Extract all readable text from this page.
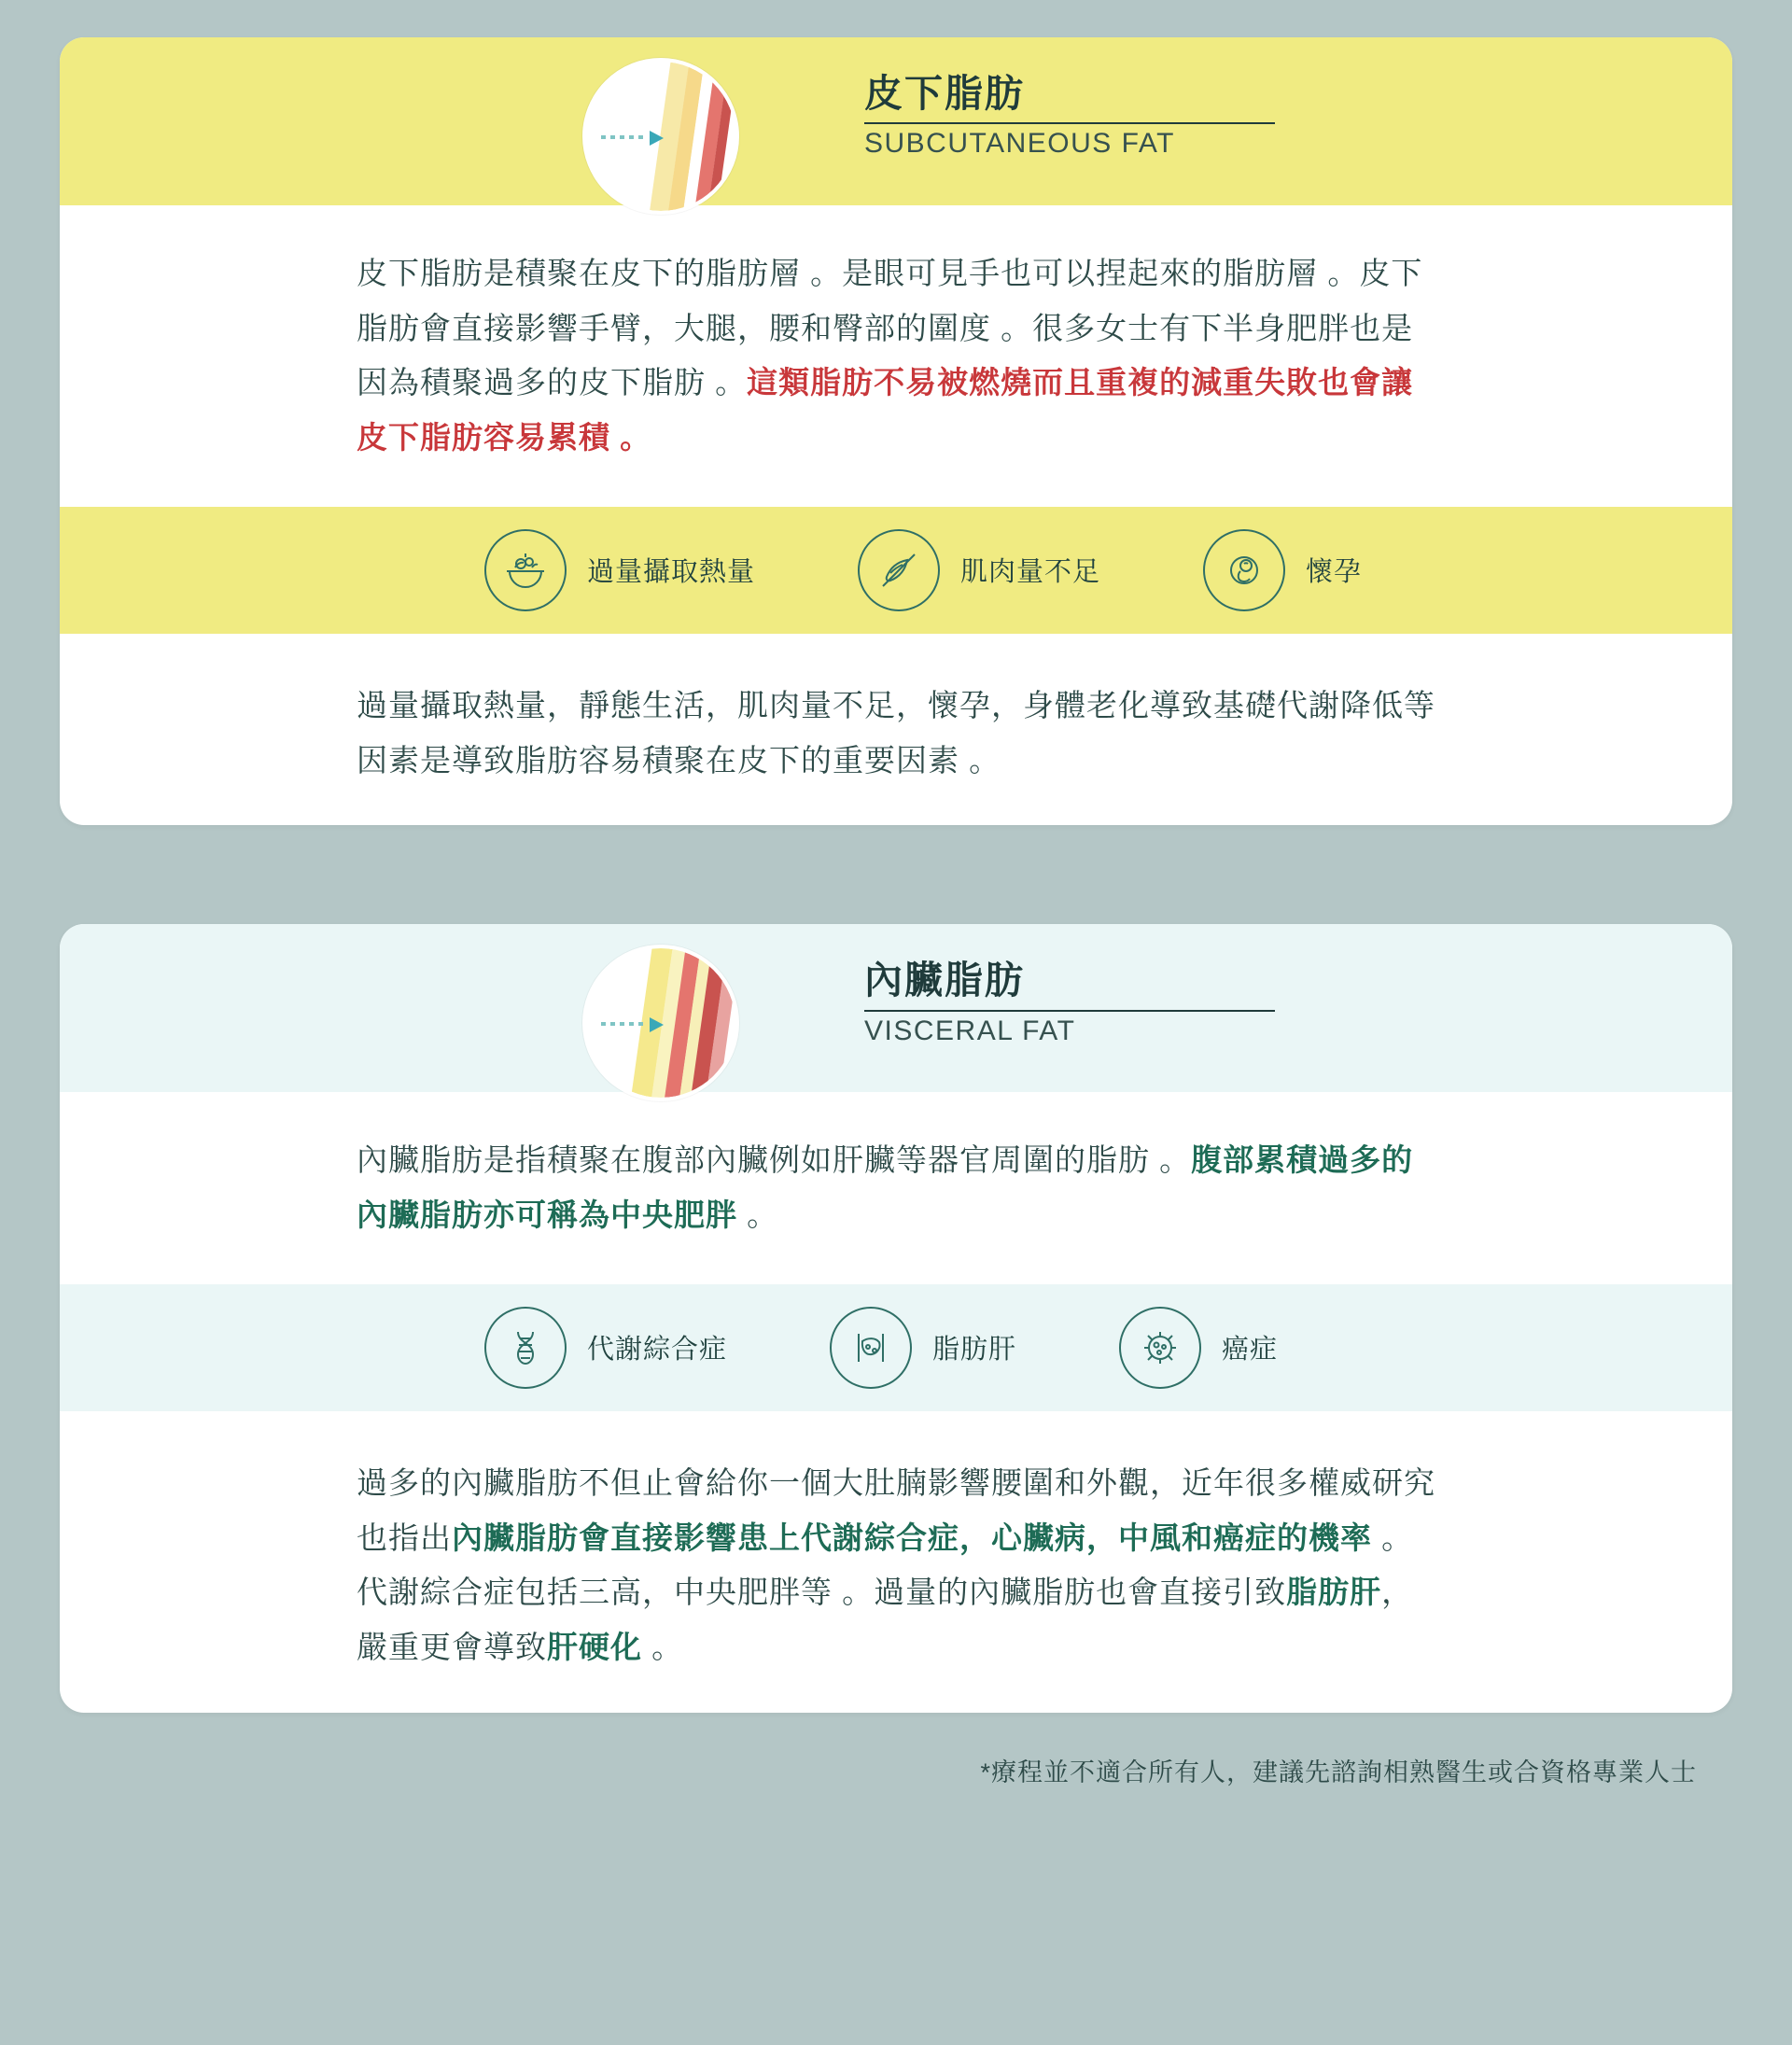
皮下脂肪
SUBCUTANEOUS FAT
皮下脂肪是積聚在皮下的脂肪層 。是眼可見手也可以捏起來的脂肪層 。皮下脂肪會直接影響手臂，大腿，腰和臀部的圍度 。很多女士有下半身肥胖也是因為積聚過多的皮下脂肪 。這類脂肪不易被燃燒而且重複的減重失敗也會讓皮下脂肪容易累積 。
過量攝取熱量	肌肉量不足	懷孕
過量攝取熱量，靜態生活，肌肉量不足，懷孕，身體老化導致基礎代謝降低等因素是導致脂肪容易積聚在皮下的重要因素 。
內臟脂肪
VISCERAL FAT
內臟脂肪是指積聚在腹部內臟例如肝臟等器官周圍的脂肪 。腹部累積過多的內臟脂肪亦可稱為中央肥胖 。
代謝綜合症	脂肪肝	癌症
過多的內臟脂肪不但止會給你一個大肚腩影響腰圍和外觀，近年很多權威研究也指出內臟脂肪會直接影響患上代謝綜合症，心臟病，中風和癌症的機率 。代謝綜合症包括三高，中央肥胖等 。過量的內臟脂肪也會直接引致脂肪肝，嚴重更會導致肝硬化 。
*療程並不適合所有人，建議先諮詢相熟醫生或合資格專業人士
